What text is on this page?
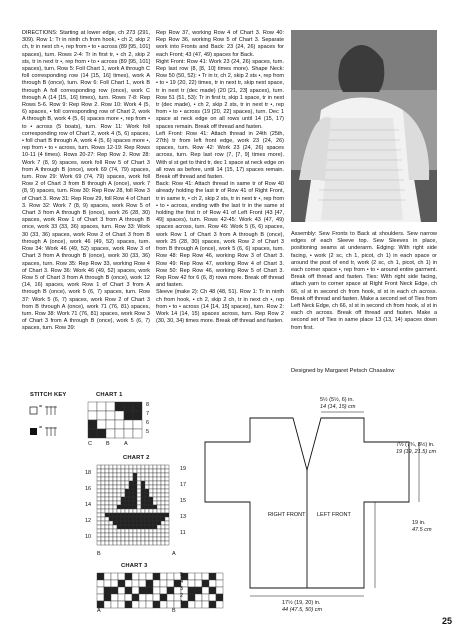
DIRECTIONS: Starting at lower edge, ch 273 (291, 309). Row 1: Tr in ninth ch from hook, • ch 2, skip 2 ch, tr in next ch •, rep from • to • across (89 [95, 101] spaces), turn. Rows 2-4: Tr in first tr, • ch 2, skip 2 sts, tr in next tr •, rep from • to • across (89 [95, 101] spaces), turn. Row 5: Foll Chart 1, work A through C foll corresponding row (14 [15, 16] times), work A through B (once), turn. Row 6: Foll Chart 1, work B through A foll corresponding row (once), work C through A (14 [15, 16] times), turn. Rows 7-8: Rep Rows 5-6. Row 9: Rep Row 2. Row 10: Work 4 (5, 6) spaces, • foll corresponding row of Chart 2, work A through B, work 4 (5, 6) spaces more •, rep from • to • across (5 boats), turn. Row 11: Work foll corresponding row of Chart 2, work 4 (5, 6) spaces, • foll chart B through A, work 4 (5, 6) spaces more •, rep from • to • across, turn. Rows 12-19: Rep Rows 10-11 (4 times). Rows 20-27: Rep Row 2. Row 28: Work 7 (8, 9) spaces, work foll Row 5 of Chart 3 from A through B (once), work 69 (74, 79) spaces, turn. Row 29: Work 69 (74, 79) spaces, work foll Row 2 of Chart 3 from B through A (once), work 7 (8, 9) spaces, turn. Row 30: Rep Row 28, foll Row 3 of Chart 3. Row 31: Rep Row 29, foll Row 4 of Chart 3. Row 32: Work 7 (8, 9) spaces, work Row 5 of Chart 3 from A through B (once), work 26 (28, 30) spaces, work Row 1 of Chart 3 from A through B once, work 33 (33, 36) spaces, turn. Row 33: Work 30 (33, 36) spaces, work Row 2 of Chart 3 from B through A (once), work 46 (49, 52) spaces, turn. Row 34: Work 46 (49, 52) spaces, work Row 3 of Chart 3 from A through B (once), work 30 (33, 36) spaces, turn. Row 35: Rep Row 33, working Row 4 of Chart 3. Row 36: Work 46 (49, 52) spaces, work Row 5 of Chart 3 from A through B (once), work 12 (14, 16) spaces, work Row 1 of Chart 3 from A through B (once), work 5 (6, 7) spaces, turn. Row 37: Work 5 (6, 7) spaces, work Row 2 of Chart 3 from B through A (once), work 71 (76, 81) spaces, turn. Row 38: Work 71 (76, 81) spaces, work Row 3 of Chart 3 from A through B (once), work 5 (6, 7) spaces, turn. Row 39:

Rep Row 37, working Row 4 of Chart 3. Row 40: Rep Row 36, working Row 5 of Chart 3. Separate work into Fronts and Back: 23 (24, 26) spaces for each Front; 43 (47, 49) spaces for Back.

Right Front: Row 41: Work 23 (24, 26) spaces, turn. Rep last row (8, [8, 10] times more). Shape Neck: Row 50 (50, 52): • Tr in tr, ch 2, skip 2 sts •, rep from • to • 19 (20, 22) times, tr in next tr, skip next space, tr in next tr (dec made) (20 [21, 23] spaces), turn. Row 51 (51, 53): Tr in first tr, skip 1 space, tr in next tr (dec made), • ch 2, skip 2 sts, tr in next tr •, rep from • to • across (19 [20, 22] spaces), turn. Dec 1 space at neck edge on all rows until 14 (15, 17) spaces remain. Break off thread and fasten.

Left Front: Row 41: Attach thread in 24th (25th, 27th) tr from left front edge, work 23 (24, 26) spaces, turn. Row 42: Work 23 (24, 26) spaces across, turn. Rep last row (7, [7, 9] times more). With sl st get to third tr, dec 1 space at neck edge on all rows as before, until 14 (15, 17) spaces remain. Break off thread and fasten.

Back: Row 41: Attach thread in same tr of Row 40 already holding the last tr of Row 41 of Right Front, tr in same tr, • ch 2, skip 2 sts, tr in next tr •, rep from • to • across, ending with the last tr in the same st holding the first tr of Row 41 of Left Front (43 [47, 49] spaces), turn. Rows 42-45: Work 43 (47, 49) spaces across, turn. Row 46: Work 5 (6, 6) spaces, work Row 1 of Chart 3 from A through B (once), work 25 (28, 30) spaces, work Row 2 of Chart 3 from B through A (once), work 5 (6, 6) spaces, turn. Row 48: Rep Row 46, working Row 3 of Chart 3. Row 49: Rep Row 47, working Row 4 of Chart 3. Row 50: Rep Row 46, working Row 5 of Chart 3. Rep Row 42 for 6 (6, 8) rows more. Break off thread and fasten.

Sleeve (make 2): Ch 48 (48, 51). Row 1: Tr in ninth ch from hook, • ch 2, skip 2 ch, tr in next ch •, rep from • to • across (14 [14, 15] spaces), turn. Row 2: Work 14 (14, 15) spaces across, turn. Rep Row 2 (30, 30, 34) times more. Break off thread and fasten.

Assembly: Sew Fronts to Back at shoulders. Sew narrow edges of each Sleeve top. Sew Sleeves in place, positioning seams at underarm. Edging: With right side facing, • work (2 sc, ch 1, picot, ch 1) in each space or around the post of end tr, work (2 sc, ch 1, picot, ch 1) in each corner space •, rep from • to • around entire garment. Break off thread and fasten. Ties: With right side facing, attach yarn to corner space at Right Front Neck Edge, ch 66, sl st in second ch from hook, sl st in each ch across. Break off thread and fasten. Make a second set of Ties from Left Neck Edge, ch 66, sl st in second ch from hook, sl st in each ch across. Break off thread and fasten. Make a second set of Ties in same place 13 (13, 14) spaces down from first.

Designed by Margaret Petsch Chasalow
STITCH KEY
=
=
CHART 1
8
7
6
5
C	B	A
CHART 2
18
16
14
12
10
19
17
15
13
11
B	A
CHART 3
5
4
3
2
1
A	B
5½ (5½, 6) in.
14 (14, 15) cm
7½ (7¾, 8½) in.
19 (19, 21.5) cm
19 in.
47.5 cm
RIGHT FRONT LEFT FRONT
17½ (19, 20) in.
44 (47.5, 50) cm
25
